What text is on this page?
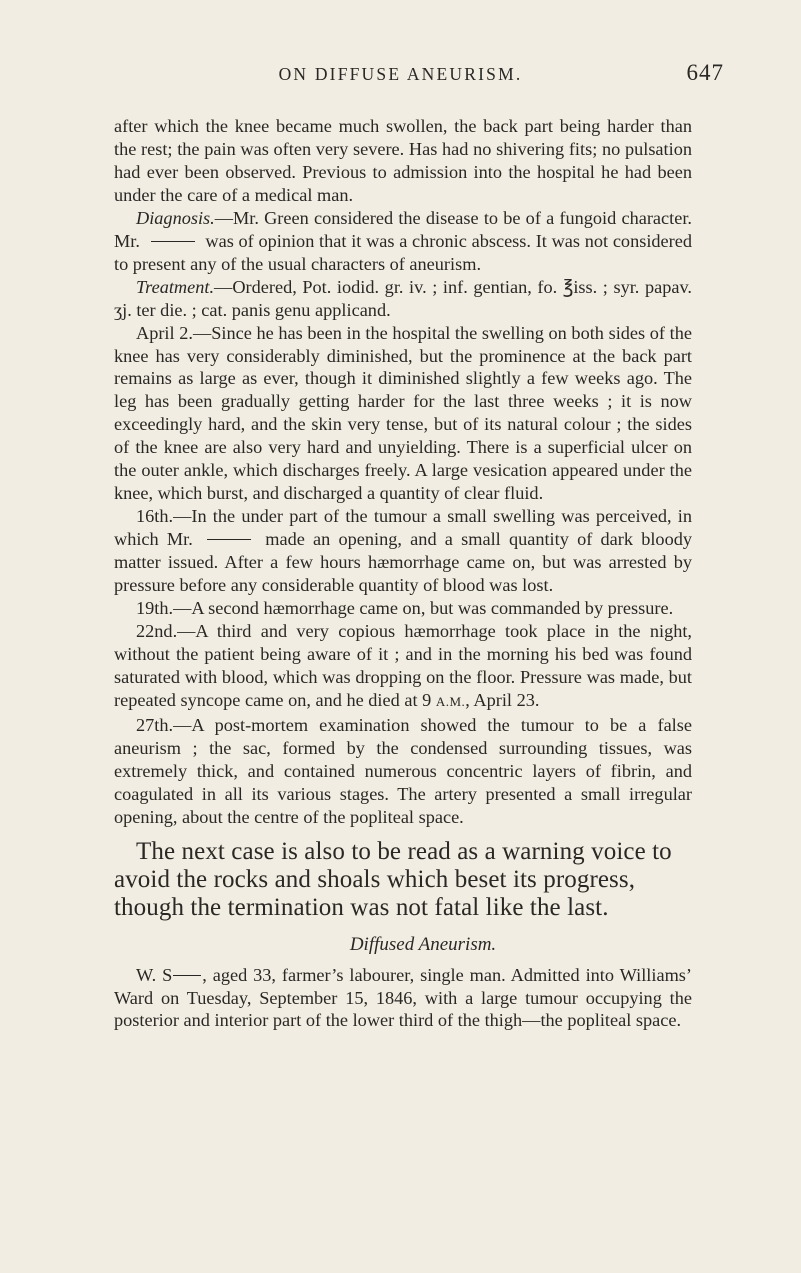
ON DIFFUSE ANEURISM.	647

after which the knee became much swollen, the back part being harder than the rest; the pain was often very severe. Has had no shivering fits; no pulsation had ever been observed. Previous to admission into the hospital he had been under the care of a medical man.

Diagnosis.—Mr. Green considered the disease to be of a fungoid character. Mr.	was of opinion that it was a chronic abscess. It was not considered to present any of the usual characters of aneurism.

Treatment.—Ordered, Pot. iodid. gr. iv. ; inf. gentian, fo. ℥iss. ; syr. papav. ʒj. ter die. ; cat. panis genu applicand.

April 2.—Since he has been in the hospital the swelling on both sides of the knee has very considerably diminished, but the prominence at the back part remains as large as ever, though it diminished slightly a few weeks ago. The leg has been gradually getting harder for the last three weeks ; it is now exceedingly hard, and the skin very tense, but of its natural colour ; the sides of the knee are also very hard and unyielding. There is a superficial ulcer on the outer ankle, which discharges freely. A large vesication appeared under the knee, which burst, and discharged a quantity of clear fluid.

16th.—In the under part of the tumour a small swelling was perceived, in which Mr.	made an opening, and a small quantity of dark bloody matter issued. After a few hours hæmorrhage came on, but was arrested by pressure before any considerable quantity of blood was lost.

19th.—A second hæmorrhage came on, but was commanded by pressure.

22nd.—A third and very copious hæmorrhage took place in the night, without the patient being aware of it ; and in the morning his bed was found saturated with blood, which was dropping on the floor. Pressure was made, but repeated syncope came on, and he died at 9 A.M., April 23.

27th.—A post-mortem examination showed the tumour to be a false aneurism ; the sac, formed by the condensed surrounding tissues, was extremely thick, and contained numerous concentric layers of fibrin, and coagulated in all its various stages. The artery presented a small irregular opening, about the centre of the popliteal space.

The next case is also to be read as a warning voice to avoid the rocks and shoals which beset its progress, though the termination was not fatal like the last.

Diffused Aneurism.

W. S , aged 33, farmer’s labourer, single man. Admitted into Williams’ Ward on Tuesday, September 15, 1846, with a large tumour occupying the posterior and interior part of the lower third of the thigh—the popliteal space.
